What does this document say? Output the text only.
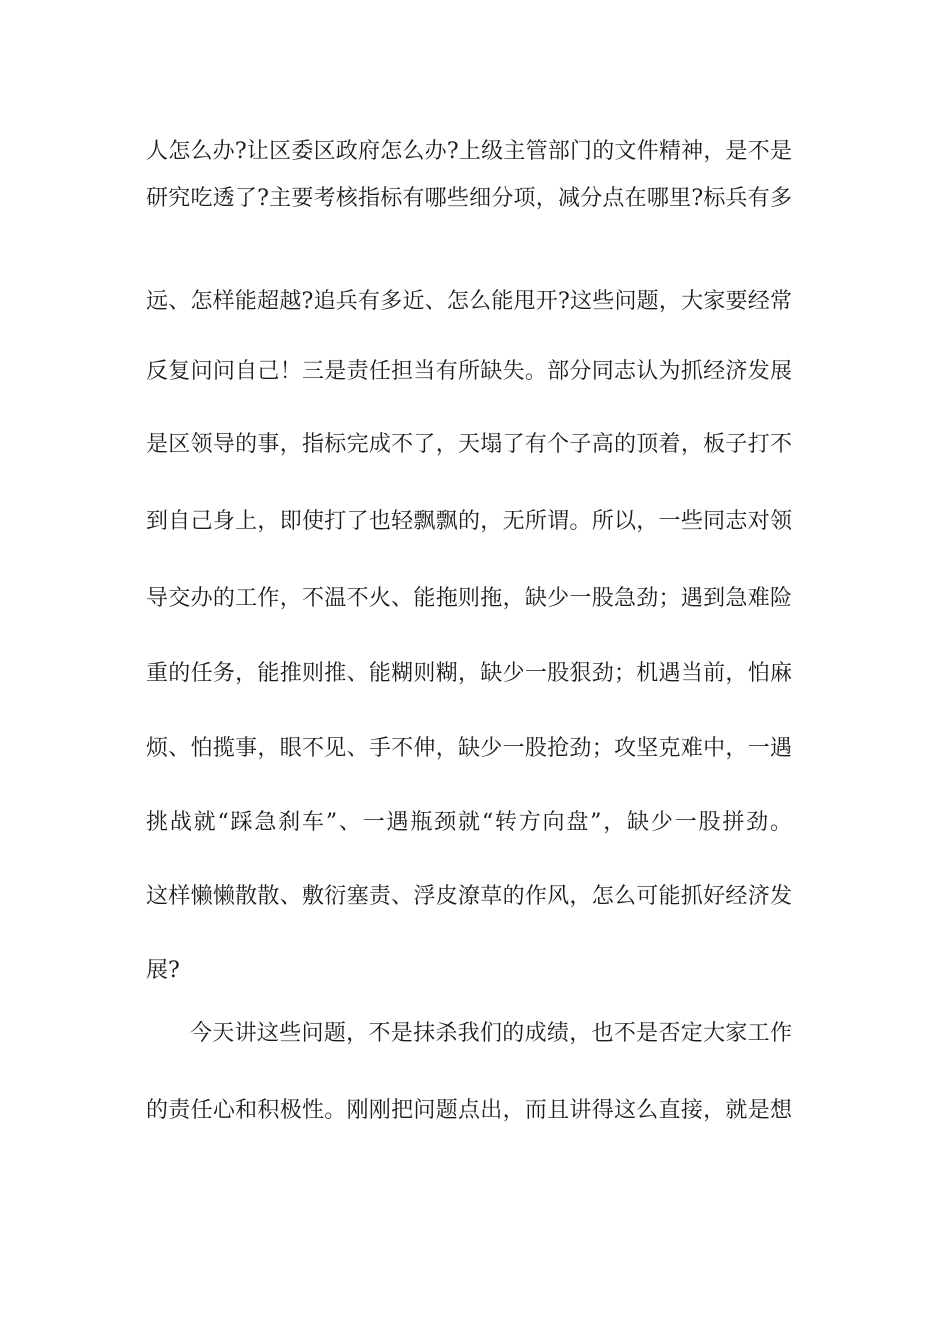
人怎么办?让区委区政府怎么办?上级主管部门的文件精神，是不是
研究吃透了?主要考核指标有哪些细分项，减分点在哪里?标兵有多
远、怎样能超越?追兵有多近、怎么能甩开?这些问题，大家要经常
反复问问自己！三是责任担当有所缺失。部分同志认为抓经济发展
是区领导的事，指标完成不了，天塌了有个子高的顶着，板子打不
到自己身上，即使打了也轻飘飘的，无所谓。所以，一些同志对领
导交办的工作，不温不火、能拖则拖，缺少一股急劲；遇到急难险
重的任务，能推则推、能糊则糊，缺少一股狠劲；机遇当前，怕麻
烦、怕揽事，眼不见、手不伸，缺少一股抢劲；攻坚克难中，一遇
挑战就“踩急刹车”、一遇瓶颈就“转方向盘”，缺少一股拼劲。
这样懒懒散散、敷衍塞责、浮皮潦草的作风，怎么可能抓好经济发
展?
今天讲这些问题，不是抹杀我们的成绩，也不是否定大家工作
的责任心和积极性。刚刚把问题点出，而且讲得这么直接，就是想
